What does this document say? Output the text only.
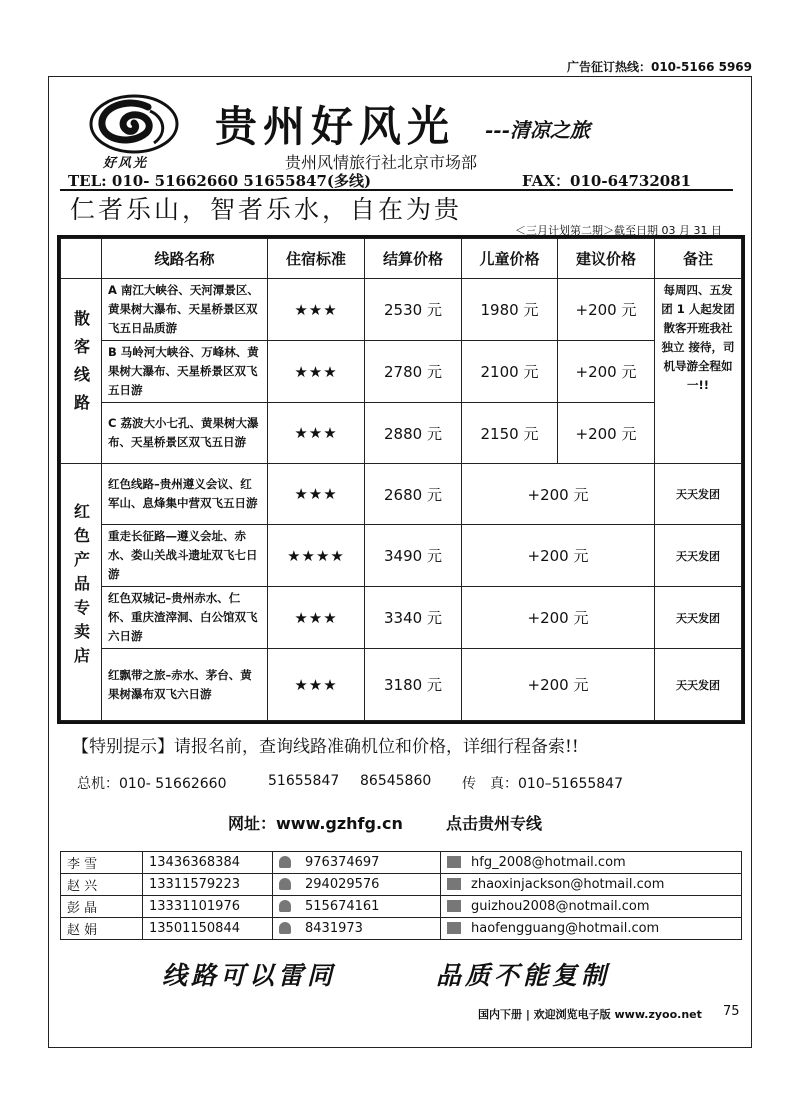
广告征订热线：010-5166 5969
好风光
贵州好风光 ---清凉之旅
贵州风情旅行社北京市场部
TEL: 010- 51662660 51655847(多线)	FAX：010-64732081
仁者乐山，智者乐水，自在为贵
＜三月计划第二期＞截至日期 03 月 31 日
	线路名称	住宿标准	结算价格	儿童价格	建议价格	备注
散客线路	A 南江大峡谷、天河潭景区、黄果树大瀑布、天星桥景区双飞五日品质游	★★★	2530 元	1980 元	+200 元	每周四、五发团 1 人起发团散客开班我社独立 接待，司机导游全程如一!!
	B 马岭河大峡谷、万峰林、黄果树大瀑布、天星桥景区双飞五日游	★★★	2780 元	2100 元	+200 元	
	C 荔波大小七孔、黄果树大瀑布、天星桥景区双飞五日游	★★★	2880 元	2150 元	+200 元	
红色产品专卖店	红色线路–贵州遵义会议、红军山、息烽集中营双飞五日游	★★★	2680 元	+200 元		天天发团
	重走长征路—遵义会址、赤水、娄山关战斗遗址双飞七日游	★★★★	3490 元	+200 元		天天发团
	红色双城记–贵州赤水、仁怀、重庆渣滓洞、白公馆双飞六日游	★★★	3340 元	+200 元		天天发团
	红飘带之旅–赤水、茅台、黄果树瀑布双飞六日游	★★★	3180 元	+200 元		天天发团
【特别提示】请报名前，查询线路准确机位和价格，详细行程备索!!
总机：010- 51662660	51655847 86545860 传　真：010–51655847
网址：www.gzhfg.cn	点击贵州专线
李 雪	13436368384	976374697	hfg_2008@hotmail.com
赵 兴	13311579223	294029576	zhaoxinjackson@hotmail.com
彭 晶	13331101976	515674161	guizhou2008@notmail.com
赵 娟	13501150844	8431973	haofengguang@hotmail.com
线路可以雷同	品质不能复制
国内下册 | 欢迎浏览电子版 www.zyoo.net 75
